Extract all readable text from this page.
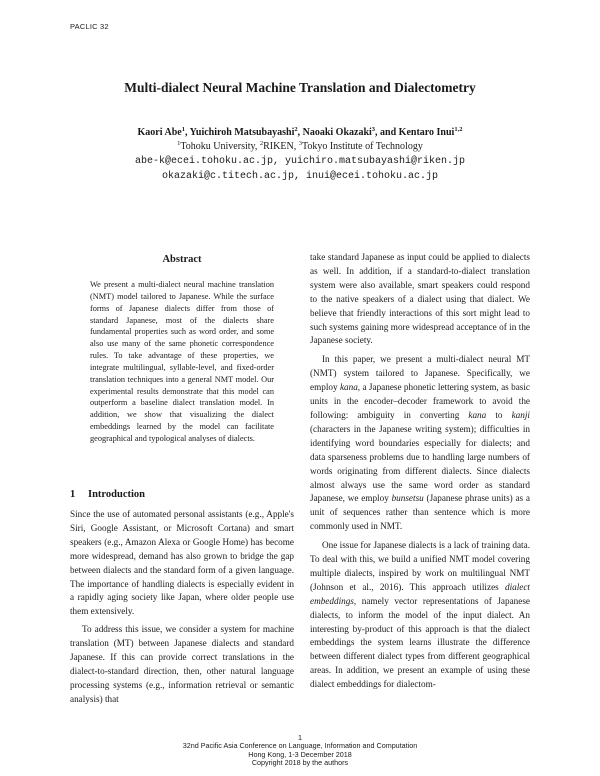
PACLIC 32
Multi-dialect Neural Machine Translation and Dialectometry
Kaori Abe$^1$, Yuichiroh Matsubayashi$^2$, Naoaki Okazaki$^3$, and Kentaro Inui$^{1,2}$
$^1$Tohoku University, $^2$RIKEN, $^3$Tokyo Institute of Technology
abe-k@ecei.tohoku.ac.jp, yuichiro.matsubayashi@riken.jp
okazaki@c.titech.ac.jp, inui@ecei.tohoku.ac.jp
Abstract

We present a multi-dialect neural machine translation (NMT) model tailored to Japanese. While the surface forms of Japanese dialects differ from those of standard Japanese, most of the dialects share fundamental properties such as word order, and some also use many of the same phonetic correspondence rules. To take advantage of these properties, we integrate multilingual, syllable-level, and fixed-order translation techniques into a general NMT model. Our experimental results demonstrate that this model can outperform a baseline dialect translation model. In addition, we show that visualizing the dialect embeddings learned by the model can facilitate geographical and typological analyses of dialects.

1 Introduction

Since the use of automated personal assistants (e.g., Apple's Siri, Google Assistant, or Microsoft Cortana) and smart speakers (e.g., Amazon Alexa or Google Home) has become more widespread, demand has also grown to bridge the gap between dialects and the standard form of a given language. The importance of handling dialects is especially evident in a rapidly aging society like Japan, where older people use them extensively.

To address this issue, we consider a system for machine translation (MT) between Japanese dialects and standard Japanese. If this can provide correct translations in the dialect-to-standard direction, then, other natural language processing systems (e.g., information retrieval or semantic analysis) that

take standard Japanese as input could be applied to dialects as well. In addition, if a standard-to-dialect translation system were also available, smart speakers could respond to the native speakers of a dialect using that dialect. We believe that friendly interactions of this sort might lead to such systems gaining more widespread acceptance of in the Japanese society.

In this paper, we present a multi-dialect neural MT (NMT) system tailored to Japanese. Specifically, we employ kana, a Japanese phonetic lettering system, as basic units in the encoder–decoder framework to avoid the following: ambiguity in converting kana to kanji (characters in the Japanese writing system); difficulties in identifying word boundaries especially for dialects; and data sparseness problems due to handling large numbers of words originating from different dialects. Since dialects almost always use the same word order as standard Japanese, we employ bunsetsu (Japanese phrase units) as a unit of sequences rather than sentence which is more commonly used in NMT.

One issue for Japanese dialects is a lack of training data. To deal with this, we build a unified NMT model covering multiple dialects, inspired by work on multilingual NMT (Johnson et al., 2016). This approach utilizes dialect embeddings, namely vector representations of Japanese dialects, to inform the model of the input dialect. An interesting by-product of this approach is that the dialect embeddings the system learns illustrate the difference between different dialect types from different geographical areas. In addition, we present an example of using these dialect embeddings for dialectom-

1
32nd Pacific Asia Conference on Language, Information and Computation
Hong Kong, 1-3 December 2018
Copyright 2018 by the authors
